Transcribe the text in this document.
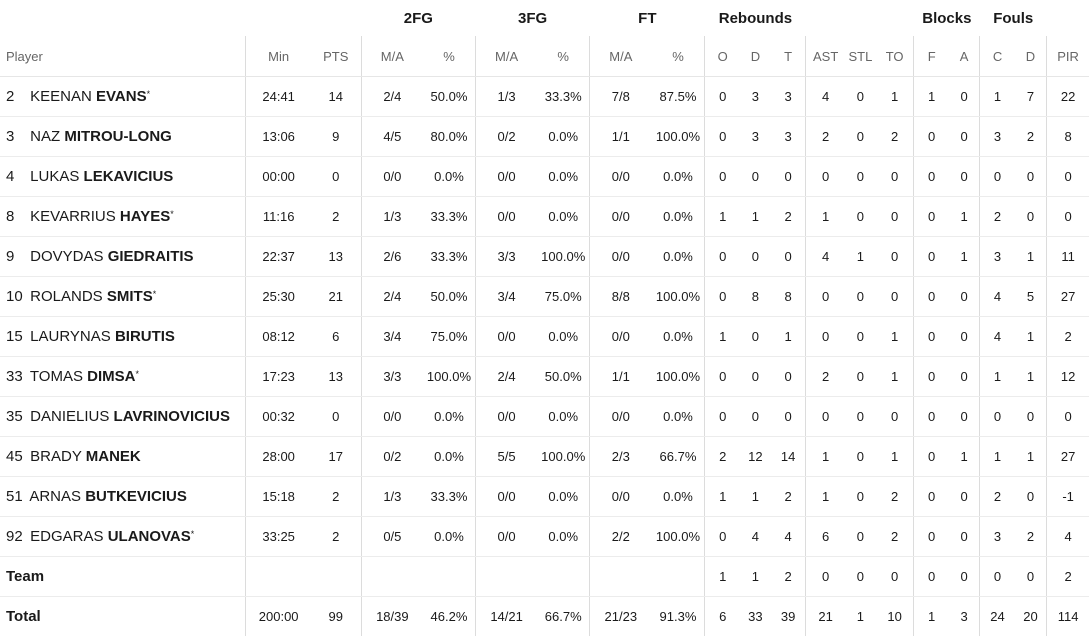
			2FG		3FG		FT		Rebounds						Blocks		Fouls		
Player	Min	PTS	M/A	%	M/A	%	M/A	%	O	D	T	AST	STL	TO	F	A	C	D	PIR
2 KEENAN EVANS*	24:41	14	2/4	50.0%	1/3	33.3%	7/8	87.5%	0	3	3	4	0	1	1	0	1	7	22
3 NAZ MITROU-LONG	13:06	9	4/5	80.0%	0/2	0.0%	1/1	100.0%	0	3	3	2	0	2	0	0	3	2	8
4 LUKAS LEKAVICIUS	00:00	0	0/0	0.0%	0/0	0.0%	0/0	0.0%	0	0	0	0	0	0	0	0	0	0	0
8 KEVARRIUS HAYES*	11:16	2	1/3	33.3%	0/0	0.0%	0/0	0.0%	1	1	2	1	0	0	0	1	2	0	0
9 DOVYDAS GIEDRAITIS	22:37	13	2/6	33.3%	3/3	100.0%	0/0	0.0%	0	0	0	4	1	0	0	1	3	1	11
10 ROLANDS SMITS*	25:30	21	2/4	50.0%	3/4	75.0%	8/8	100.0%	0	8	8	0	0	0	0	0	4	5	27
15 LAURYNAS BIRUTIS	08:12	6	3/4	75.0%	0/0	0.0%	0/0	0.0%	1	0	1	0	0	1	0	0	4	1	2
33 TOMAS DIMSA*	17:23	13	3/3	100.0%	2/4	50.0%	1/1	100.0%	0	0	0	2	0	1	0	0	1	1	12
35 DANIELIUS LAVRINOVICIUS	00:32	0	0/0	0.0%	0/0	0.0%	0/0	0.0%	0	0	0	0	0	0	0	0	0	0	0
45 BRADY MANEK	28:00	17	0/2	0.0%	5/5	100.0%	2/3	66.7%	2	12	14	1	0	1	0	1	1	1	27
51 ARNAS BUTKEVICIUS	15:18	2	1/3	33.3%	0/0	0.0%	0/0	0.0%	1	1	2	1	0	2	0	0	2	0	-1
92 EDGARAS ULANOVAS*	33:25	2	0/5	0.0%	0/0	0.0%	2/2	100.0%	0	4	4	6	0	2	0	0	3	2	4
Team									1	1	2	0	0	0	0	0	0	0	2
Total	200:00	99	18/39	46.2%	14/21	66.7%	21/23	91.3%	6	33	39	21	1	10	1	3	24	20	114
